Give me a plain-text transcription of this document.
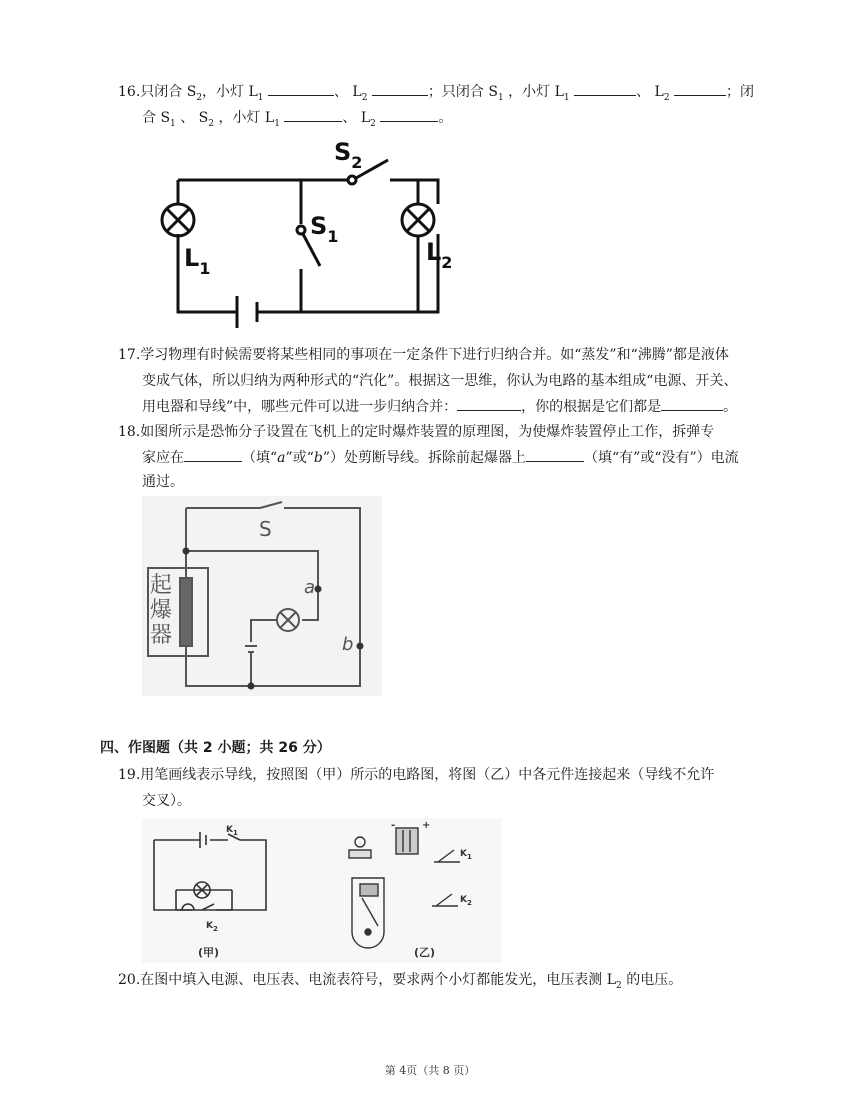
16.只闭合 $S_2$，小灯 $L_1$	、 $L_2$	；只闭合 $S_1$ ，小灯 $L_1$	、 $L_2$	；闭
合 $S_1$ 、 $S_2$ ，小灯 $L_1$	、 $L_2$	。
$S_2$
$S_1$
$L_1$
$L_2$
17.学习物理有时候需要将某些相同的事项在一定条件下进行归纳合并。如“蒸发”和“沸腾”都是液体
变成气体，所以归纳为两种形式的“汽化”。根据这一思维，你认为电路的基本组成“电源、开关、
用电器和导线”中，哪些元件可以进一步归纳合并：	，你的根据是它们都是	。
18.如图所示是恐怖分子设置在飞机上的定时爆炸装置的原理图，为使爆炸装置停止工作，拆弹专
家应在	（填“a”或“b”）处剪断导线。拆除前起爆器上	（填“有”或“没有”）电流
通过。
S
a
b
起
爆
器
四、作图题（共 2 小题；共 26 分）
19.用笔画线表示导线，按照图（甲）所示的电路图，将图（乙）中各元件连接起来（导线不允许
交叉）。
$K_1$
$K_2$
(甲)
-	+
$K_1$
$K_2$
(乙)
20.在图中填入电源、电压表、电流表符号，要求两个小灯都能发光，电压表测 $L_2$ 的电压。
第 4页（共 8 页）
